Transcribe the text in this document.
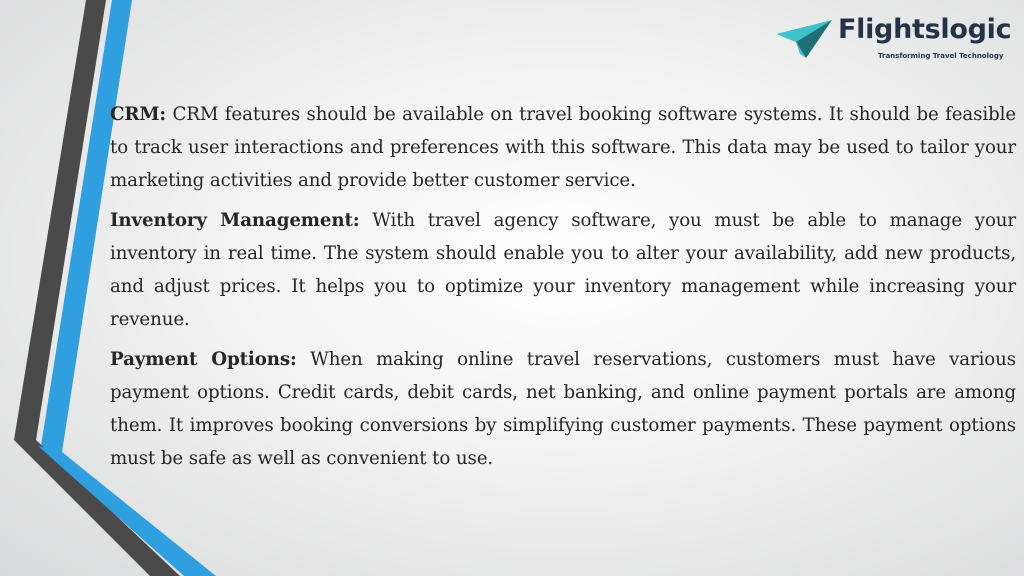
Flightslogic
Transforming Travel Technology

CRM: CRM features should be available on travel booking software systems. It should be feasible to track user interactions and preferences with this software. This data may be used to tailor your marketing activities and provide better customer service.

Inventory Management: With travel agency software, you must be able to manage your inventory in real time. The system should enable you to alter your availability, add new products, and adjust prices. It helps you to optimize your inventory management while increasing your revenue.

Payment Options: When making online travel reservations, customers must have various payment options. Credit cards, debit cards, net banking, and online payment portals are among them. It improves booking conversions by simplifying customer payments. These payment options must be safe as well as convenient to use.
